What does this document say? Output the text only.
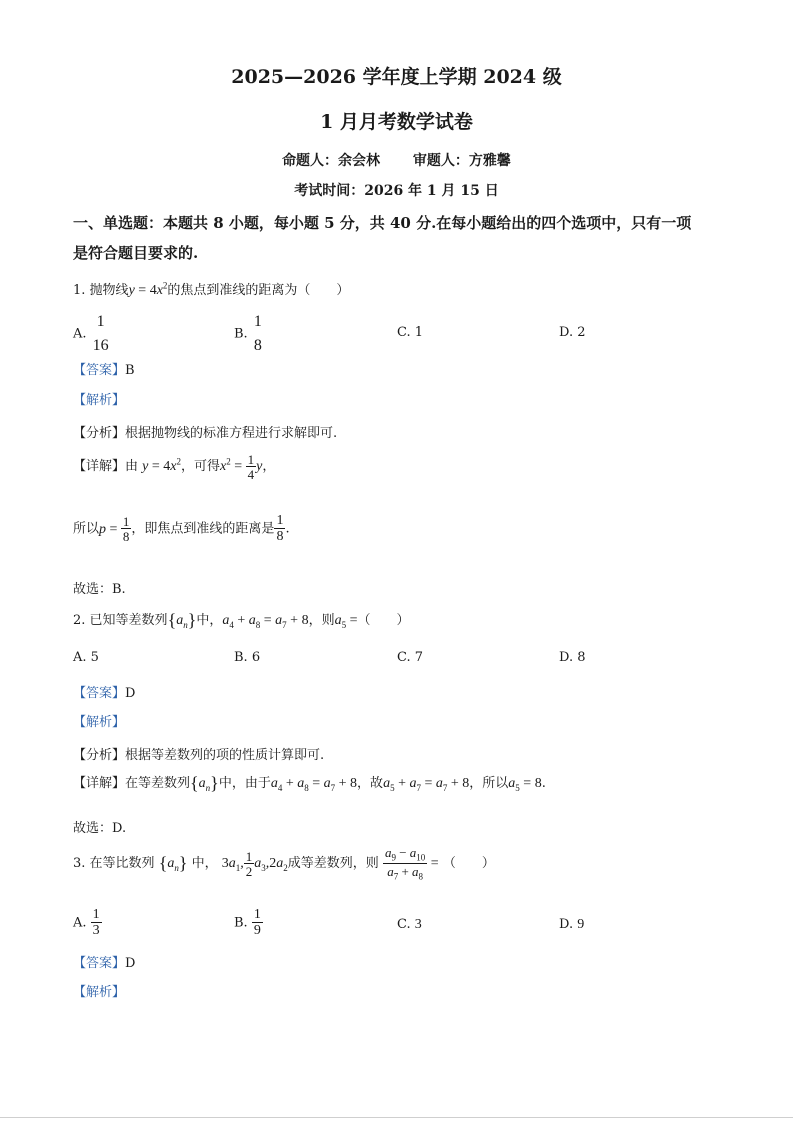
2025—2026 学年度上学期 2024 级
1 月月考数学试卷
命题人：余会林　　 审题人：方雅馨
考试时间：2026 年 1 月 15 日
一、单选题：本题共 8 小题，每小题 5 分，共 40 分.在每小题给出的四个选项中，只有一项
是符合题目要求的.
1. 抛物线$y = 4x^2$的焦点到准线的距离为（　　）
A.
1
16
B.
1
8
C. 1	D. 2
【答案】B
【解析】
【分析】根据抛物线的标准方程进行求解即可.
【详解】由 $y = 4x^2$，可得$x^2 = \frac{1}{4}$ y，
所以$p = \frac{1}{8}$ ，即焦点到准线的距离是 $\frac{1}{8}$ .
故选：B.
2. 已知等差数列$\{a_n\}$中，$a_4 + a_8 = a_7 + 8$，则$a_5$ =（　　）
A. 5	B. 6	C. 7	D. 8
【答案】D
【解析】
【分析】根据等差数列的项的性质计算即可.
【详解】在等差数列$\{a_n\}$中，由于$a_4 + a_8 = a_7 + 8$，故$a_5 + a_7 = a_7 + 8$，所以$a_5 = 8$.
故选：D.
3. 在等比数列 $\{a_n\}$ 中， $3a_1$, $\frac{1}{2} a_3,2a_2$成等差数列，则 $\frac{a_9 - a_{10}}{a_7 + a_8}$ = （　　）
A. $\frac{1}{3}$	B. $\frac{1}{9}$	C. 3	D. 9
【答案】D
【解析】
